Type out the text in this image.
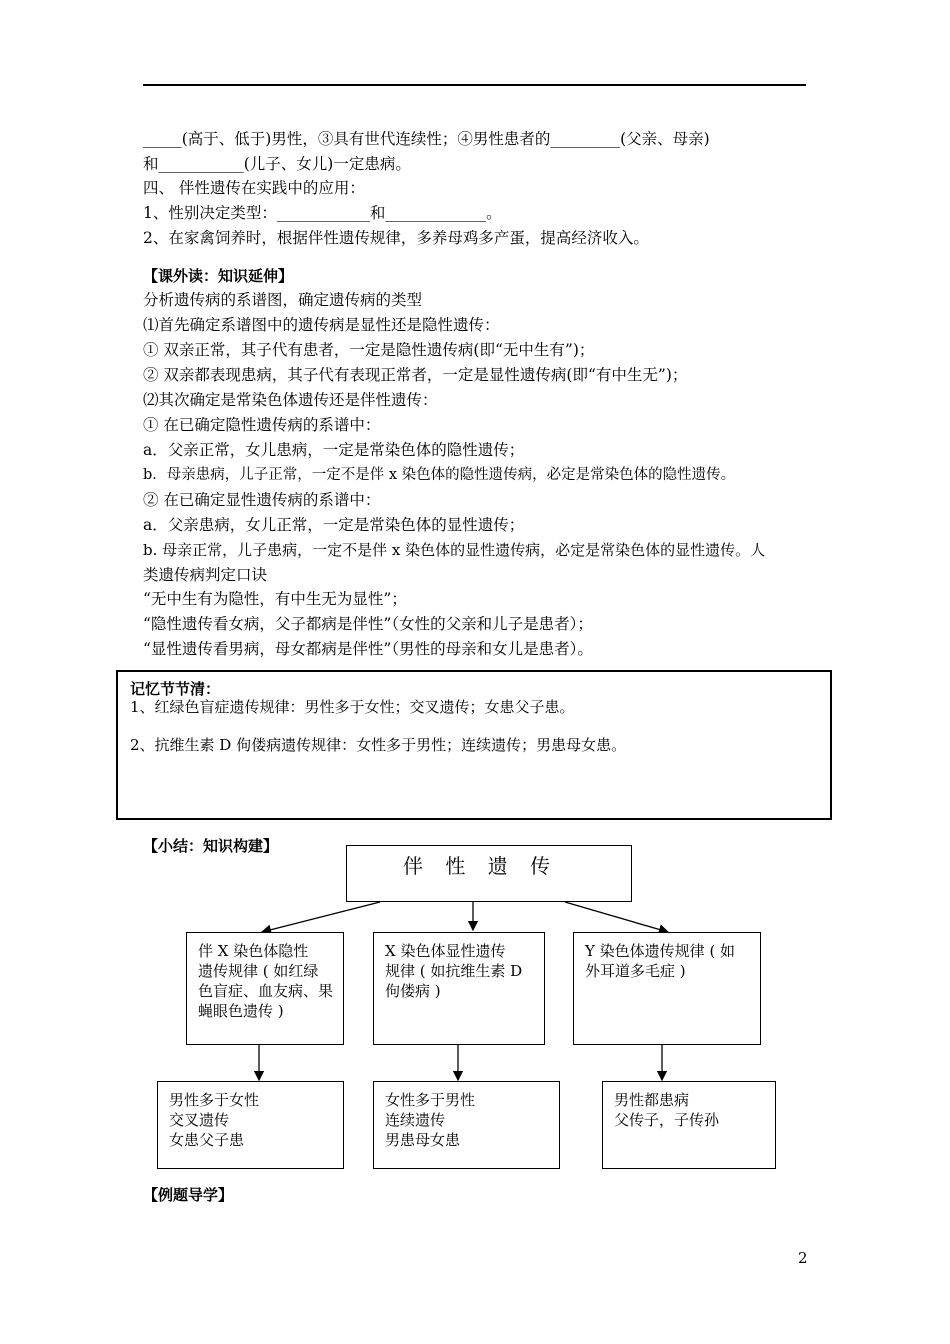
_____(高于、低于)男性，③具有世代连续性；④男性患者的_________(父亲、母亲)
和___________(儿子、女儿)一定患病。
四、 伴性遗传在实践中的应用：
1、性别决定类型：____________和_____________。
2、在家禽饲养时，根据伴性遗传规律，多养母鸡多产蛋，提高经济收入。
【课外读：知识延伸】
分析遗传病的系谱图，确定遗传病的类型
⑴首先确定系谱图中的遗传病是显性还是隐性遗传：
① 双亲正常，其子代有患者，一定是隐性遗传病(即“无中生有”)；
② 双亲都表现患病，其子代有表现正常者，一定是显性遗传病(即“有中生无”)；
⑵其次确定是常染色体遗传还是伴性遗传：
① 在已确定隐性遗传病的系谱中：
a．父亲正常，女儿患病，一定是常染色体的隐性遗传；
b．母亲患病，儿子正常，一定不是伴 x 染色体的隐性遗传病，必定是常染色体的隐性遗传。
② 在已确定显性遗传病的系谱中：
a．父亲患病，女儿正常，一定是常染色体的显性遗传；
b. 母亲正常，儿子患病，一定不是伴 x 染色体的显性遗传病，必定是常染色体的显性遗传。人
类遗传病判定口诀
“无中生有为隐性，有中生无为显性”；
“隐性遗传看女病，父子都病是伴性”（女性的父亲和儿子是患者）；
“显性遗传看男病，母女都病是伴性”（男性的母亲和女儿是患者）。
记忆节节清：
1、红绿色盲症遗传规律：男性多于女性；交叉遗传；女患父子患。
2、抗维生素 D 佝偻病遗传规律：女性多于男性；连续遗传；男患母女患。
【小结：知识构建】
伴 性 遗 传
伴 X 染色体隐性
遗传规律 ( 如红绿
色盲症、血友病、果
蝇眼色遗传 )
X 染色体显性遗传
规律 ( 如抗维生素 D
佝偻病 )
Y 染色体遗传规律 ( 如
外耳道多毛症 )
男性多于女性
交叉遗传
女患父子患
女性多于男性
连续遗传
男患母女患
男性都患病
父传子，子传孙
【例题导学】
2
